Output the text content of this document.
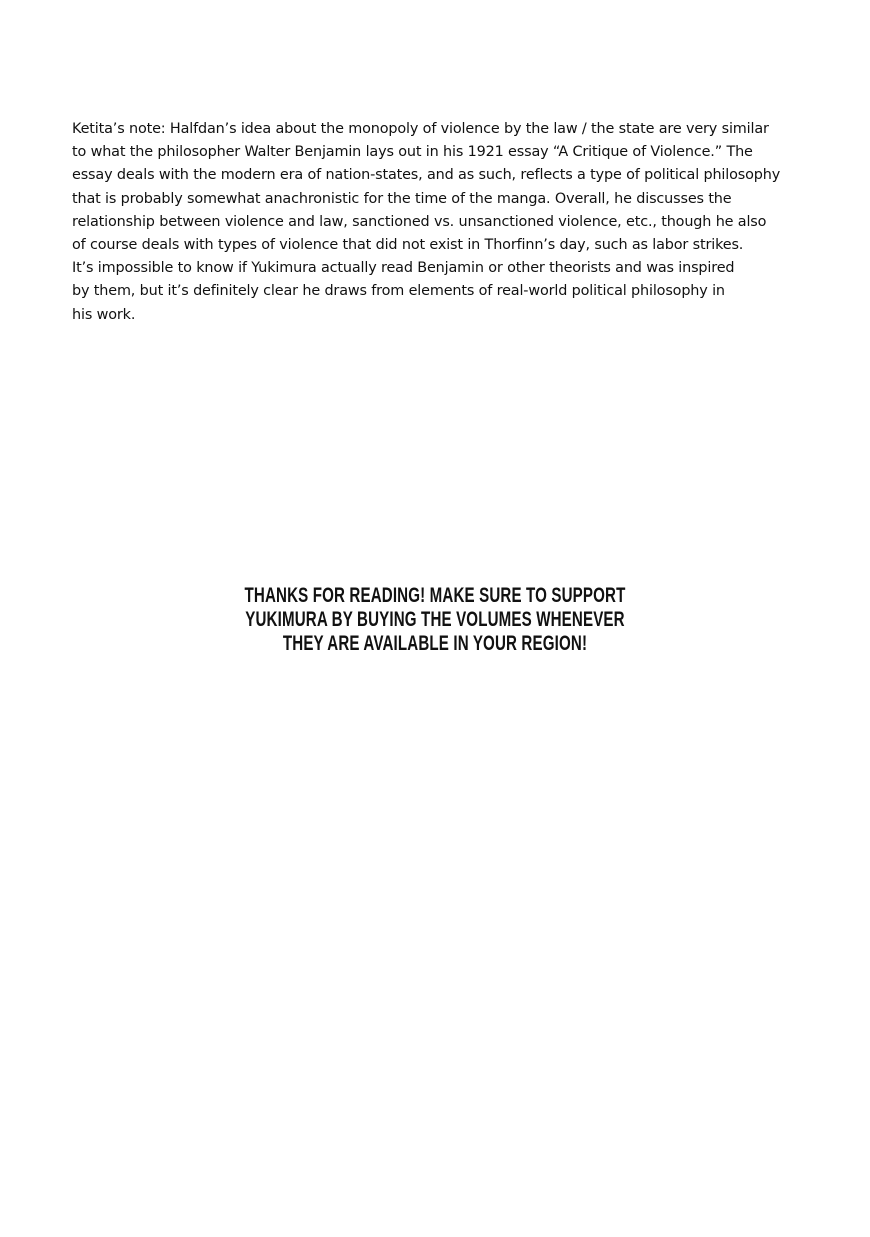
Ketita’s note: Halfdan’s idea about the monopoly of violence by the law / the state are very similar
to what the philosopher Walter Benjamin lays out in his 1921 essay “A Critique of Violence.” The
essay deals with the modern era of nation-states, and as such, reflects a type of political philosophy
that is probably somewhat anachronistic for the time of the manga. Overall, he discusses the
relationship between violence and law, sanctioned vs. unsanctioned violence, etc., though he also
of course deals with types of violence that did not exist in Thorfinn’s day, such as labor strikes.
It’s impossible to know if Yukimura actually read Benjamin or other theorists and was inspired
by them, but it’s definitely clear he draws from elements of real-world political philosophy in
his work.
THANKS FOR READING! MAKE SURE TO SUPPORT
YUKIMURA BY BUYING THE VOLUMES WHENEVER
THEY ARE AVAILABLE IN YOUR REGION!
